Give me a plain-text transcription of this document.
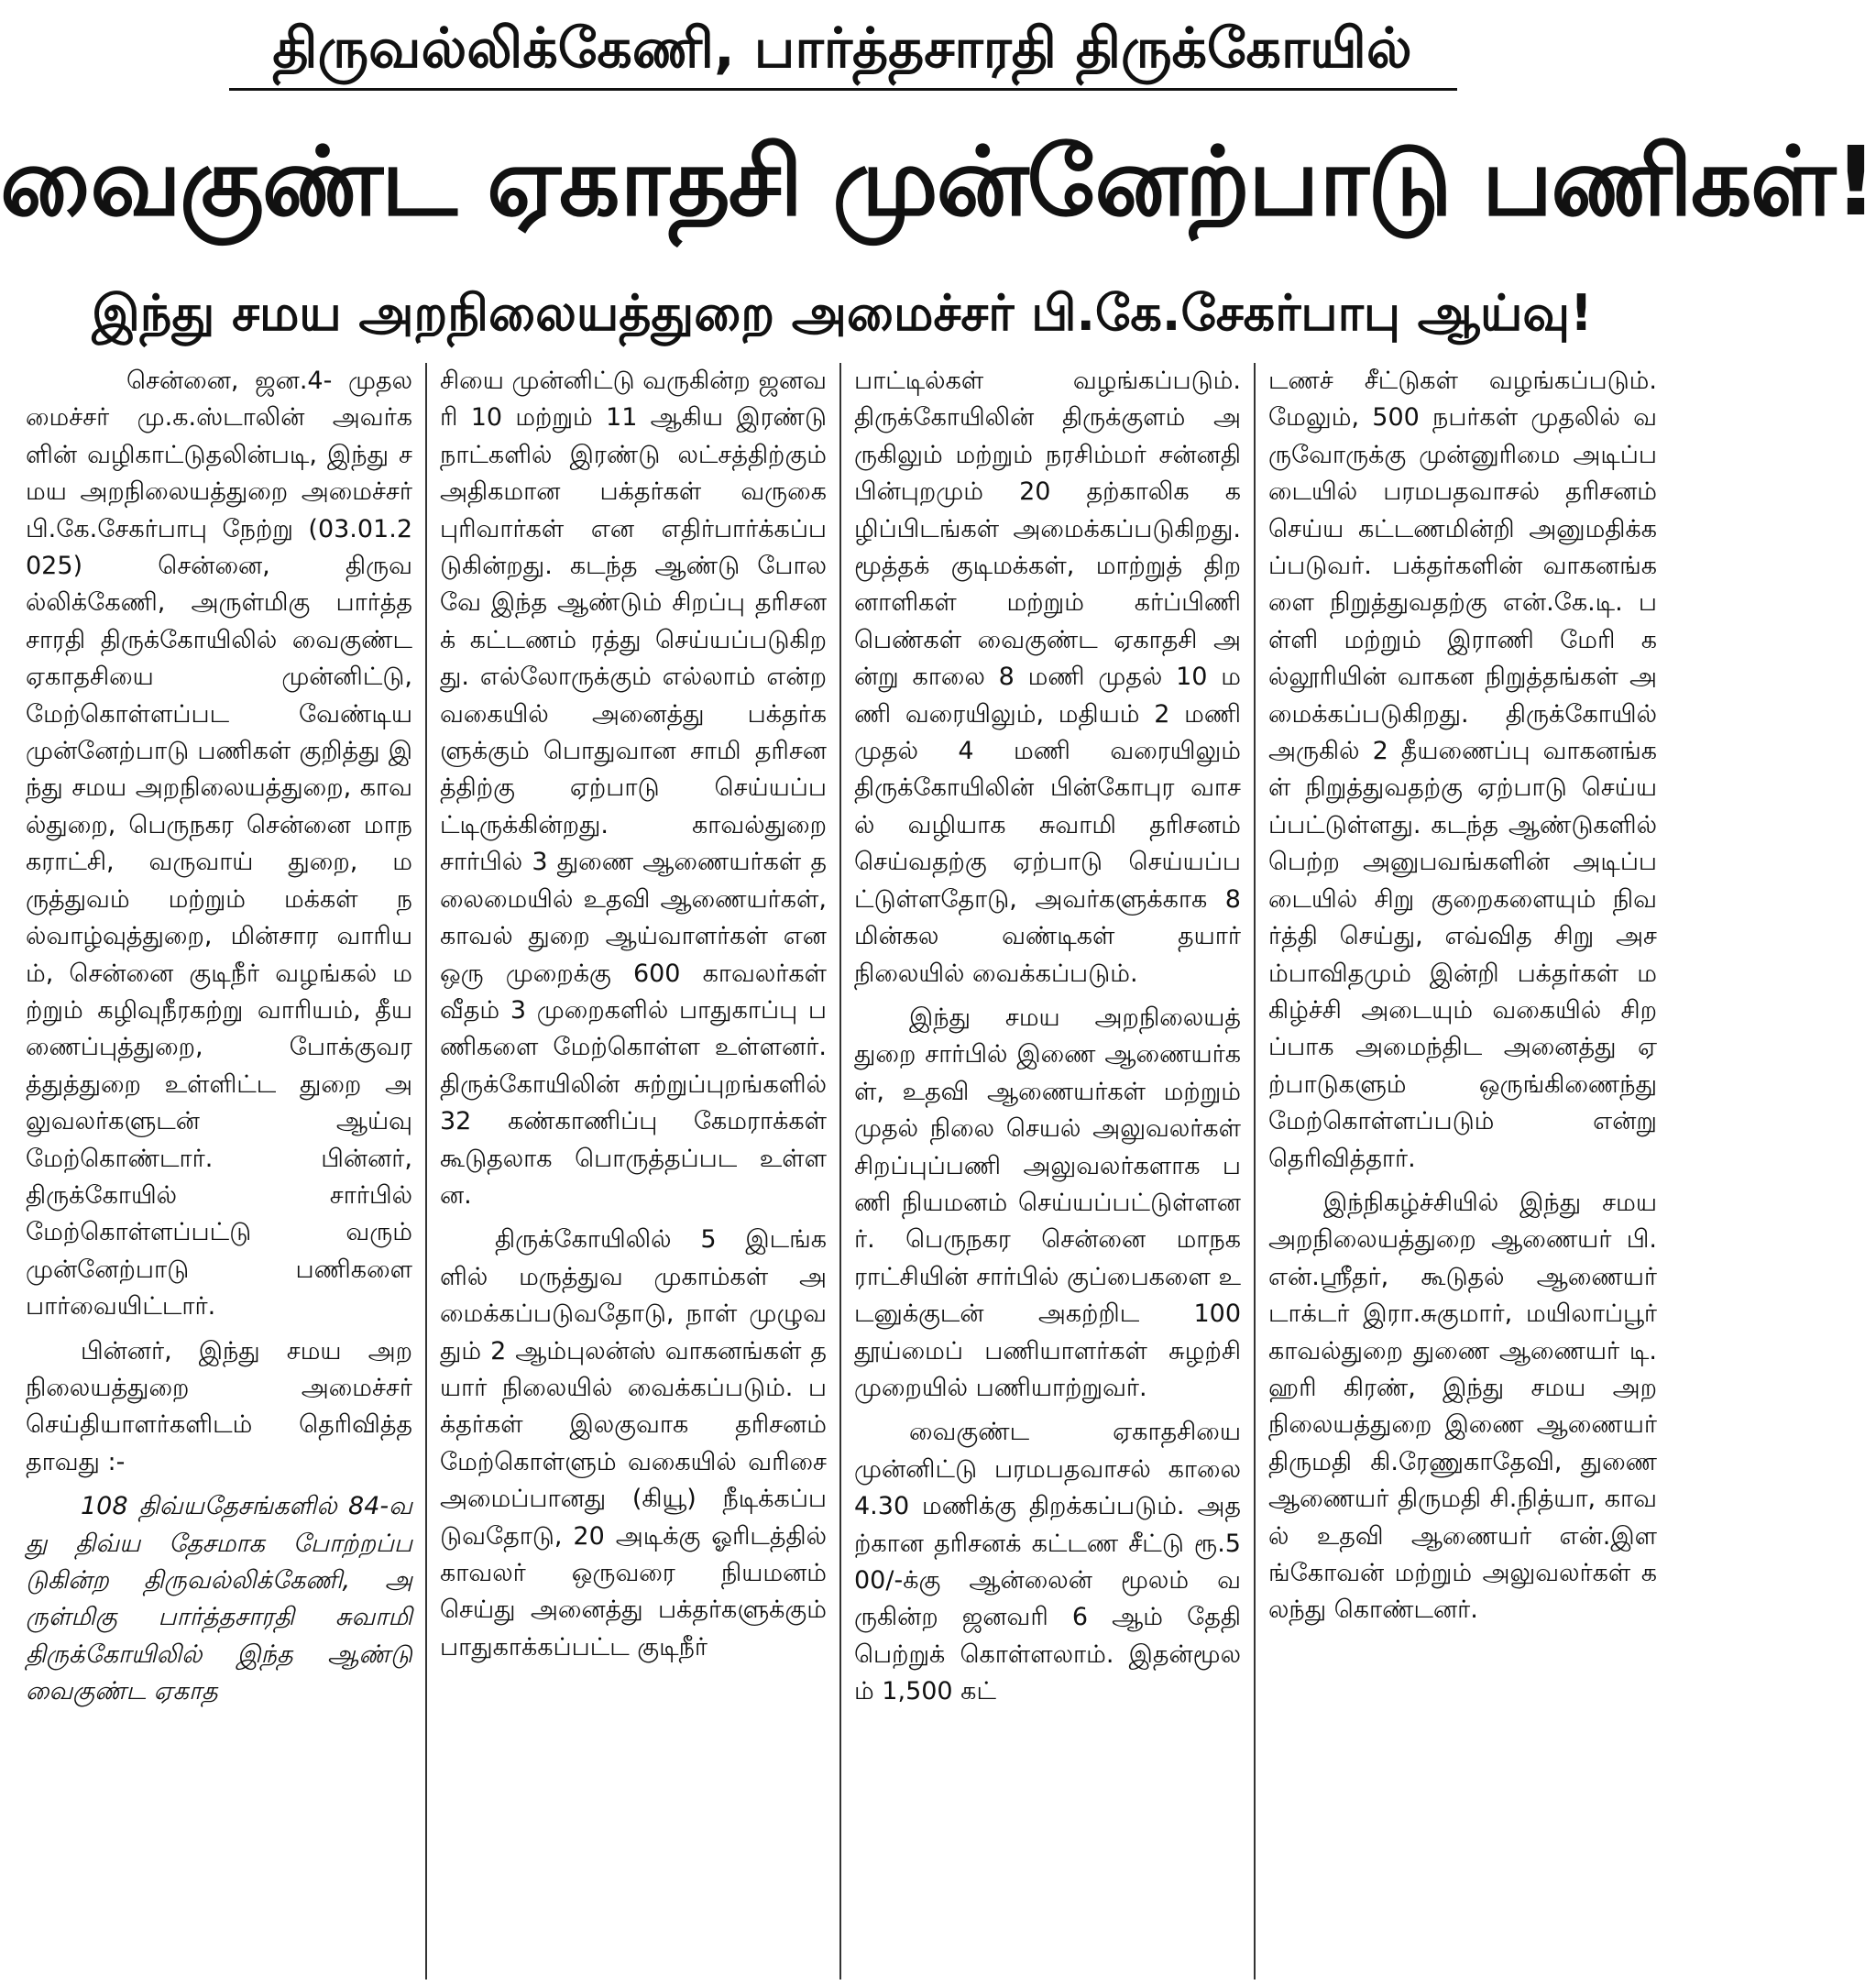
திருவல்லிக்கேணி, பார்த்தசாரதி திருக்கோயில்
வைகுண்ட ஏகாதசி முன்னேற்பாடு பணிகள்!
இந்து சமய அறநிலையத்துறை அமைச்சர் பி.கே.சேகர்பாபு ஆய்வு!

சென்னை, ஜன.4- முதலமைச்சர் மு.க.ஸ்டாலின் அவர்களின் வழிகாட்டுதலின்படி, இந்து சமய அறநிலையத்துறை அமைச்சர் பி.கே.சேகர்பாபு நேற்று (03.01.2025) சென்னை, திருவல்லிக்கேணி, அருள்மிகு பார்த்தசாரதி திருக்கோயிலில் வைகுண்ட ஏகாதசியை முன்னிட்டு, மேற்கொள்ளப்பட வேண்டிய முன்னேற்பாடு பணிகள் குறித்து இந்து சமய அறநிலையத்துறை, காவல்துறை, பெருநகர சென்னை மாநகராட்சி, வருவாய் துறை, மருத்துவம் மற்றும் மக்கள் நல்வாழ்வுத்துறை, மின்சார வாரியம், சென்னை குடிநீர் வழங்கல் மற்றும் கழிவுநீரகற்று வாரியம், தீயணைப்புத்துறை, போக்குவரத்துத்துறை உள்ளிட்ட துறை அலுவலர்களுடன் ஆய்வு மேற்கொண்டார். பின்னர், திருக்கோயில் சார்பில் மேற்கொள்ளப்பட்டு வரும் முன்னேற்பாடு பணிகளை பார்வையிட்டார்.

பின்னர், இந்து சமய அறநிலையத்துறை அமைச்சர் செய்தியாளர்களிடம் தெரிவித்ததாவது :-

108 திவ்யதேசங்களில் 84-வது திவ்ய தேசமாக போற்றப்படுகின்ற திருவல்லிக்கேணி, அருள்மிகு பார்த்தசாரதி சுவாமி திருக்கோயிலில் இந்த ஆண்டு வைகுண்ட ஏகாத

சியை முன்னிட்டு வருகின்ற ஜனவரி 10 மற்றும் 11 ஆகிய இரண்டு நாட்களில் இரண்டு லட்சத்திற்கும் அதிகமான பக்தர்கள் வருகை புரிவார்கள் என எதிர்பார்க்கப்படுகின்றது. கடந்த ஆண்டு போலவே இந்த ஆண்டும் சிறப்பு தரிசனக் கட்டணம் ரத்து செய்யப்படுகிறது. எல்லோருக்கும் எல்லாம் என்ற வகையில் அனைத்து பக்தர்களுக்கும் பொதுவான சாமி தரிசனத்திற்கு ஏற்பாடு செய்யப்பட்டிருக்கின்றது. காவல்துறை சார்பில் 3 துணை ஆணையர்கள் தலைமையில் உதவி ஆணையர்கள், காவல் துறை ஆய்வாளர்கள் என ஒரு முறைக்கு 600 காவலர்கள் வீதம் 3 முறைகளில் பாதுகாப்பு பணிகளை மேற்கொள்ள உள்ளனர். திருக்கோயிலின் சுற்றுப்புறங்களில் 32 கண்காணிப்பு கேமராக்கள் கூடுதலாக பொருத்தப்பட உள்ளன.

திருக்கோயிலில் 5 இடங்களில் மருத்துவ முகாம்கள் அமைக்கப்படுவதோடு, நாள் முழுவதும் 2 ஆம்புலன்ஸ் வாகனங்கள் தயார் நிலையில் வைக்கப்படும். பக்தர்கள் இலகுவாக தரிசனம் மேற்கொள்ளும் வகையில் வரிசை அமைப்பானது (கியூ) நீடிக்கப்படுவதோடு, 20 அடிக்கு ஓரிடத்தில் காவலர் ஒருவரை நியமனம் செய்து அனைத்து பக்தர்களுக்கும் பாதுகாக்கப்பட்ட குடிநீர்

பாட்டில்கள் வழங்கப்படும். திருக்கோயிலின் திருக்குளம் அருகிலும் மற்றும் நரசிம்மர் சன்னதி பின்புறமும் 20 தற்காலிக கழிப்பிடங்கள் அமைக்கப்படுகிறது. மூத்தக் குடிமக்கள், மாற்றுத் திறனாளிகள் மற்றும் கர்ப்பிணி பெண்கள் வைகுண்ட ஏகாதசி அன்று காலை 8 மணி முதல் 10 மணி வரையிலும், மதியம் 2 மணி முதல் 4 மணி வரையிலும் திருக்கோயிலின் பின்கோபுர வாசல் வழியாக சுவாமி தரிசனம் செய்வதற்கு ஏற்பாடு செய்யப்பட்டுள்ளதோடு, அவர்களுக்காக 8 மின்கல வண்டிகள் தயார் நிலையில் வைக்கப்படும்.

இந்து சமய அறநிலையத் துறை சார்பில் இணை ஆணையர்கள், உதவி ஆணையர்கள் மற்றும் முதல் நிலை செயல் அலுவலர்கள் சிறப்புப்பணி அலுவலர்களாக பணி நியமனம் செய்யப்பட்டுள்ளனர். பெருநகர சென்னை மாநகராட்சியின் சார்பில் குப்பைகளை உடனுக்குடன் அகற்றிட 100 தூய்மைப் பணியாளர்கள் சுழற்சி முறையில் பணியாற்றுவர்.

வைகுண்ட ஏகாதசியை முன்னிட்டு பரமபதவாசல் காலை 4.30 மணிக்கு திறக்கப்படும். அதற்கான தரிசனக் கட்டண சீட்டு ரூ.500/-க்கு ஆன்லைன் மூலம் வருகின்ற ஜனவரி 6 ஆம் தேதி பெற்றுக் கொள்ளலாம். இதன்மூலம் 1,500 கட்

டணச் சீட்டுகள் வழங்கப்படும். மேலும், 500 நபர்கள் முதலில் வருவோருக்கு முன்னுரிமை அடிப்படையில் பரமபதவாசல் தரிசனம் செய்ய கட்டணமின்றி அனுமதிக்கப்படுவர். பக்தர்களின் வாகனங்களை நிறுத்துவதற்கு என்.கே.டி. பள்ளி மற்றும் இராணி மேரி கல்லூரியின் வாகன நிறுத்தங்கள் அமைக்கப்படுகிறது. திருக்கோயில் அருகில் 2 தீயணைப்பு வாகனங்கள் நிறுத்துவதற்கு ஏற்பாடு செய்யப்பட்டுள்ளது. கடந்த ஆண்டுகளில் பெற்ற அனுபவங்களின் அடிப்படையில் சிறு குறைகளையும் நிவர்த்தி செய்து, எவ்வித சிறு அசம்பாவிதமும் இன்றி பக்தர்கள் மகிழ்ச்சி அடையும் வகையில் சிறப்பாக அமைந்திட அனைத்து ஏற்பாடுகளும் ஒருங்கிணைந்து மேற்கொள்ளப்படும் என்று தெரிவித்தார்.

இந்நிகழ்ச்சியில் இந்து சமய அறநிலையத்துறை ஆணையர் பி.என்.ஸ்ரீதர், கூடுதல் ஆணையர் டாக்டர் இரா.சுகுமார், மயிலாப்பூர் காவல்துறை துணை ஆணையர் டி.ஹரி கிரண், இந்து சமய அறநிலையத்துறை இணை ஆணையர் திருமதி கி.ரேணுகாதேவி, துணை ஆணையர் திருமதி சி.நித்யா, காவல் உதவி ஆணையர் என்.இளங்கோவன் மற்றும் அலுவலர்கள் கலந்து கொண்டனர்.
